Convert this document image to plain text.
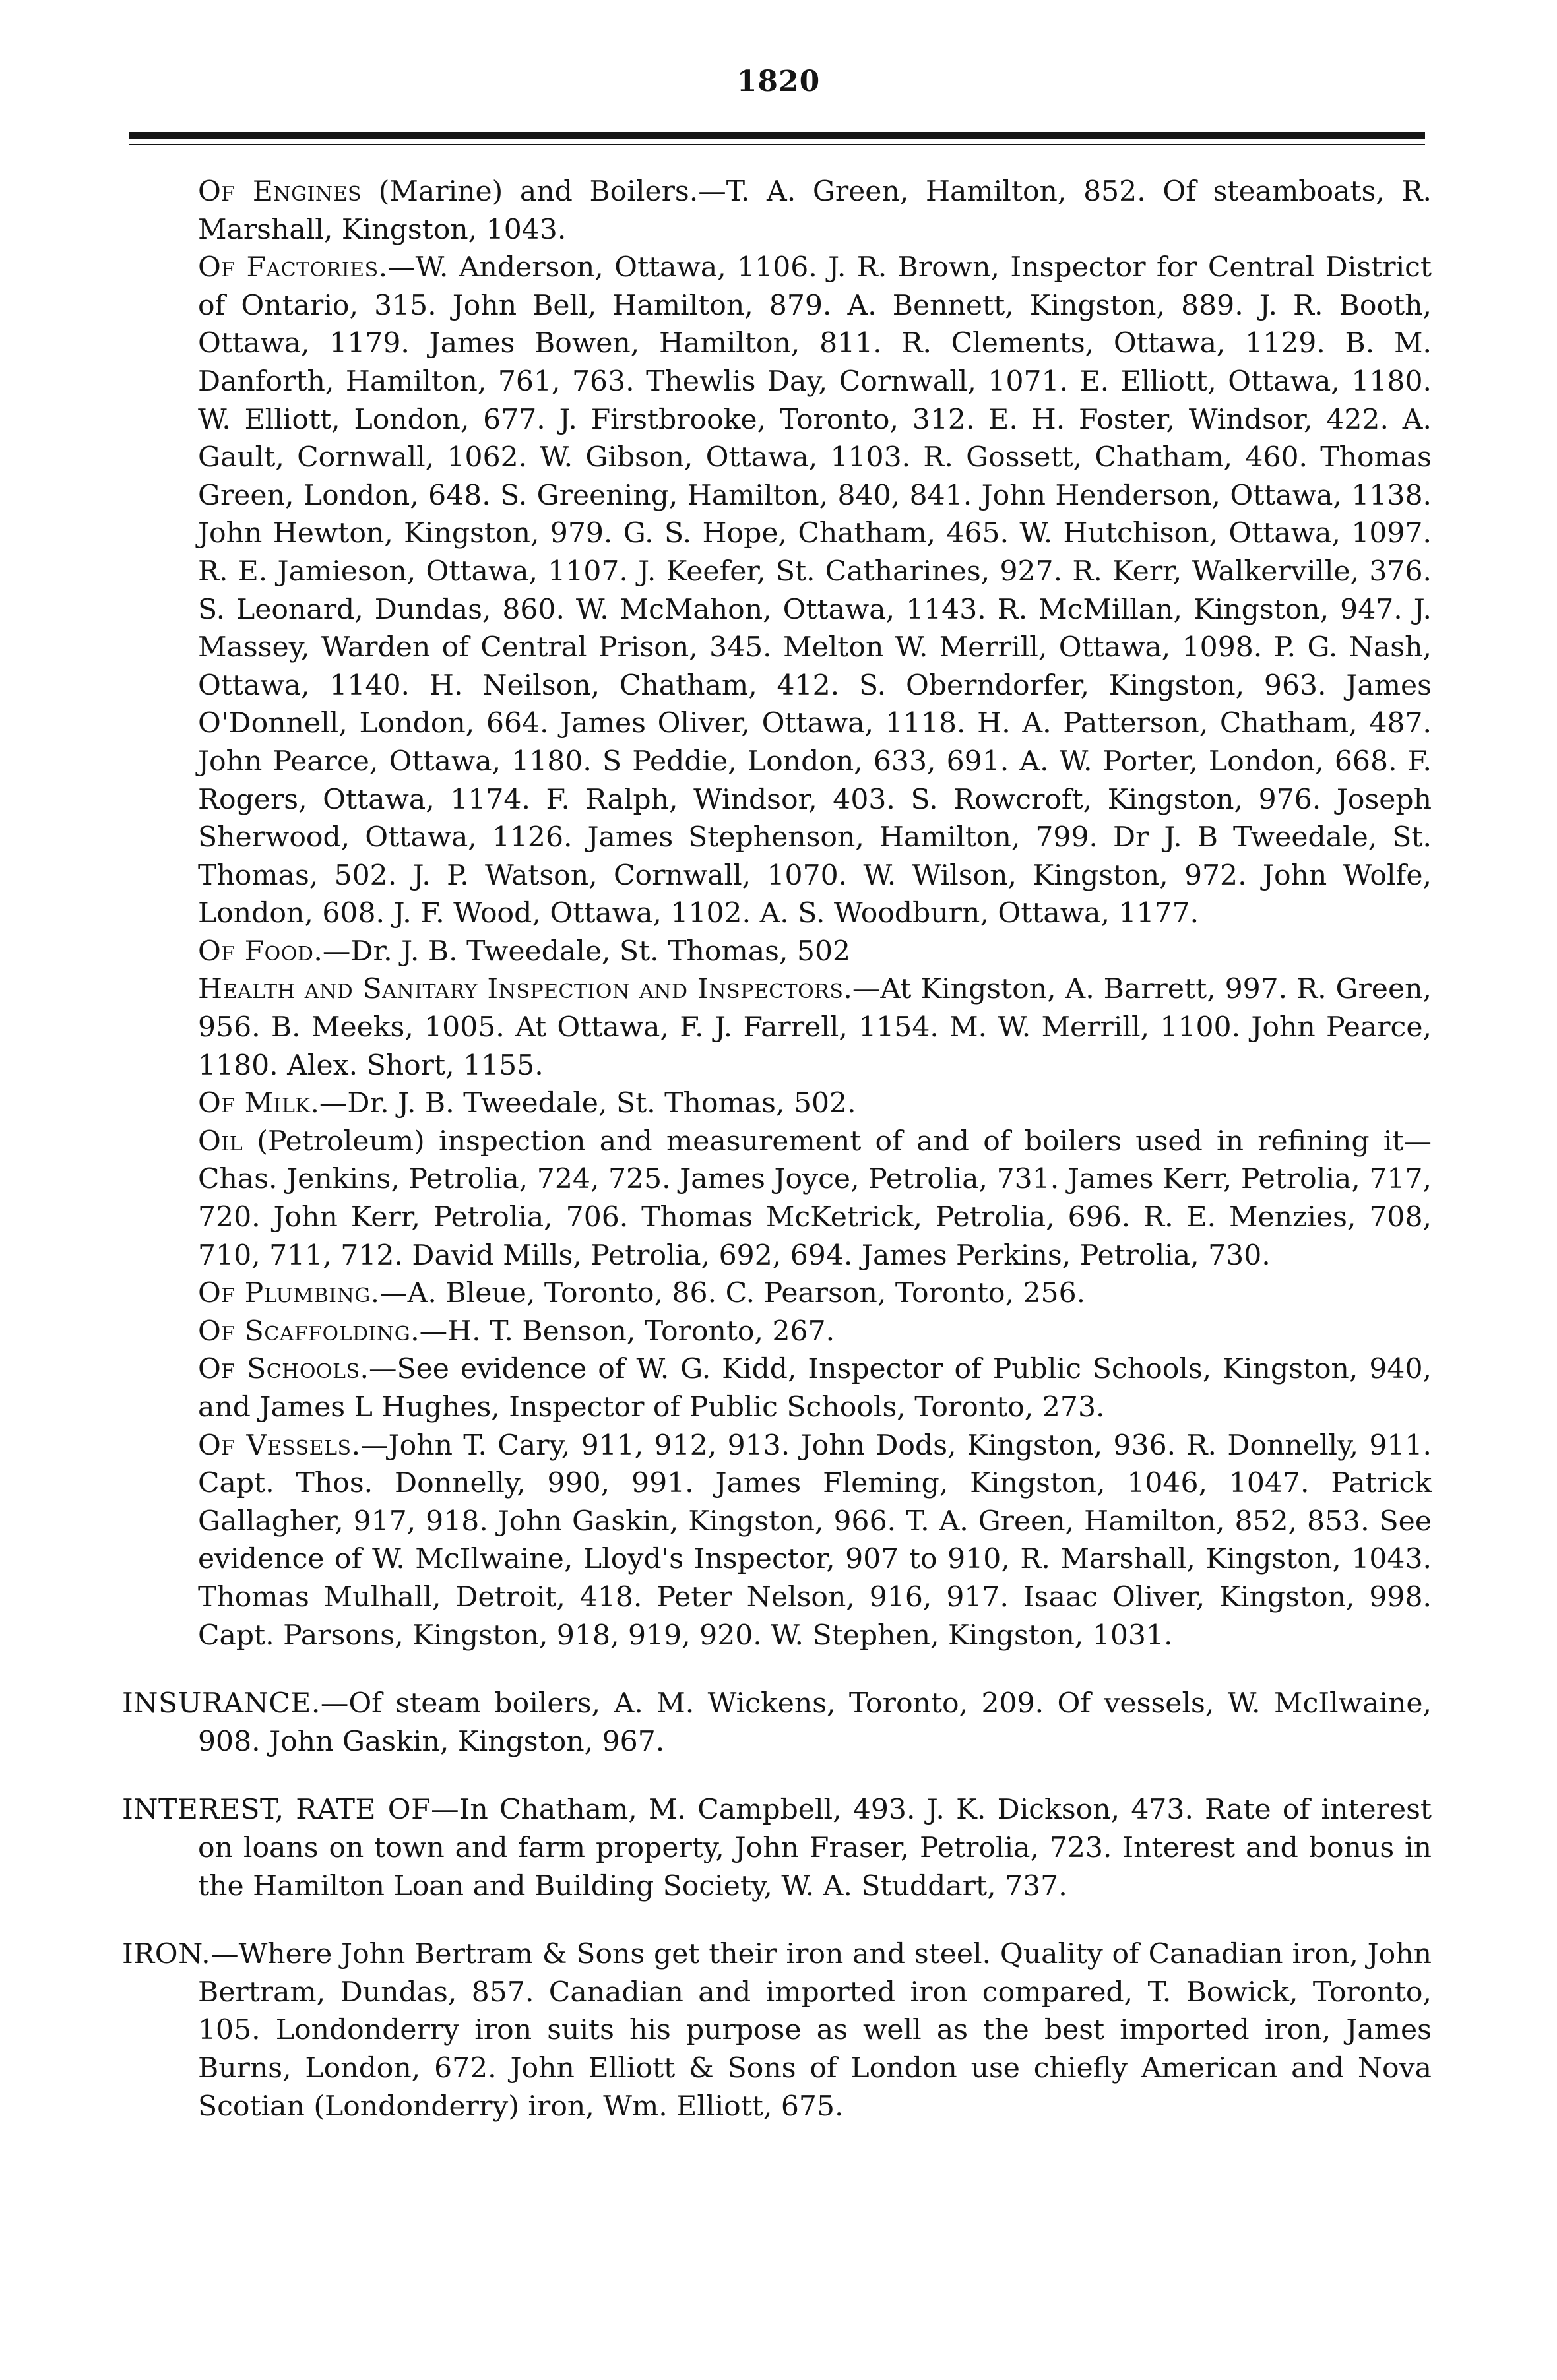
1820

Of Engines (Marine) and Boilers.—T. A. Green, Hamilton, 852. Of steamboats, R. Marshall, Kingston, 1043.

Of Factories.—W. Anderson, Ottawa, 1106. J. R. Brown, Inspector for Central District of Ontario, 315. John Bell, Hamilton, 879. A. Bennett, Kingston, 889. J. R. Booth, Ottawa, 1179. James Bowen, Hamilton, 811. R. Clements, Ottawa, 1129. B. M. Danforth, Hamilton, 761, 763. Thewlis Day, Cornwall, 1071. E. Elliott, Ottawa, 1180. W. Elliott, London, 677. J. Firstbrooke, Toronto, 312. E. H. Foster, Windsor, 422. A. Gault, Cornwall, 1062. W. Gibson, Ottawa, 1103. R. Gossett, Chatham, 460. Thomas Green, London, 648. S. Greening, Hamilton, 840, 841. John Henderson, Ottawa, 1138. John Hewton, Kingston, 979. G. S. Hope, Chatham, 465. W. Hutchison, Ottawa, 1097. R. E. Jamieson, Ottawa, 1107. J. Keefer, St. Catharines, 927. R. Kerr, Walkerville, 376. S. Leonard, Dundas, 860. W. McMahon, Ottawa, 1143. R. McMillan, Kingston, 947. J. Massey, Warden of Central Prison, 345. Melton W. Merrill, Ottawa, 1098. P. G. Nash, Ottawa, 1140. H. Neilson, Chatham, 412. S. Oberndorfer, Kingston, 963. James O'Donnell, London, 664. James Oliver, Ottawa, 1118. H. A. Patterson, Chatham, 487. John Pearce, Ottawa, 1180. S Peddie, London, 633, 691. A. W. Porter, London, 668. F. Rogers, Ottawa, 1174. F. Ralph, Windsor, 403. S. Rowcroft, Kingston, 976. Joseph Sherwood, Ottawa, 1126. James Stephenson, Hamilton, 799. Dr J. B Tweedale, St. Thomas, 502. J. P. Watson, Cornwall, 1070. W. Wilson, Kingston, 972. John Wolfe, London, 608. J. F. Wood, Ottawa, 1102. A. S. Woodburn, Ottawa, 1177.

Of Food.—Dr. J. B. Tweedale, St. Thomas, 502

Health and Sanitary Inspection and Inspectors.—At Kingston, A. Barrett, 997. R. Green, 956. B. Meeks, 1005. At Ottawa, F. J. Farrell, 1154. M. W. Merrill, 1100. John Pearce, 1180. Alex. Short, 1155.

Of Milk.—Dr. J. B. Tweedale, St. Thomas, 502.

Oil (Petroleum) inspection and measurement of and of boilers used in refining it—Chas. Jenkins, Petrolia, 724, 725. James Joyce, Petrolia, 731. James Kerr, Petrolia, 717, 720. John Kerr, Petrolia, 706. Thomas McKetrick, Petrolia, 696. R. E. Menzies, 708, 710, 711, 712. David Mills, Petrolia, 692, 694. James Perkins, Petrolia, 730.

Of Plumbing.—A. Bleue, Toronto, 86. C. Pearson, Toronto, 256.

Of Scaffolding.—H. T. Benson, Toronto, 267.

Of Schools.—See evidence of W. G. Kidd, Inspector of Public Schools, Kingston, 940, and James L Hughes, Inspector of Public Schools, Toronto, 273.

Of Vessels.—John T. Cary, 911, 912, 913. John Dods, Kingston, 936. R. Donnelly, 911. Capt. Thos. Donnelly, 990, 991. James Fleming, Kingston, 1046, 1047. Patrick Gallagher, 917, 918. John Gaskin, Kingston, 966. T. A. Green, Hamilton, 852, 853. See evidence of W. McIlwaine, Lloyd's Inspector, 907 to 910, R. Marshall, Kingston, 1043. Thomas Mulhall, Detroit, 418. Peter Nelson, 916, 917. Isaac Oliver, Kingston, 998. Capt. Parsons, Kingston, 918, 919, 920. W. Stephen, Kingston, 1031.

INSURANCE.—Of steam boilers, A. M. Wickens, Toronto, 209. Of vessels, W. McIlwaine, 908. John Gaskin, Kingston, 967.

INTEREST, RATE OF—In Chatham, M. Campbell, 493. J. K. Dickson, 473. Rate of interest on loans on town and farm property, John Fraser, Petrolia, 723. Interest and bonus in the Hamilton Loan and Building Society, W. A. Studdart, 737.

IRON.—Where John Bertram & Sons get their iron and steel. Quality of Canadian iron, John Bertram, Dundas, 857. Canadian and imported iron compared, T. Bowick, Toronto, 105. Londonderry iron suits his purpose as well as the best imported iron, James Burns, London, 672. John Elliott & Sons of London use chiefly American and Nova Scotian (Londonderry) iron, Wm. Elliott, 675.
